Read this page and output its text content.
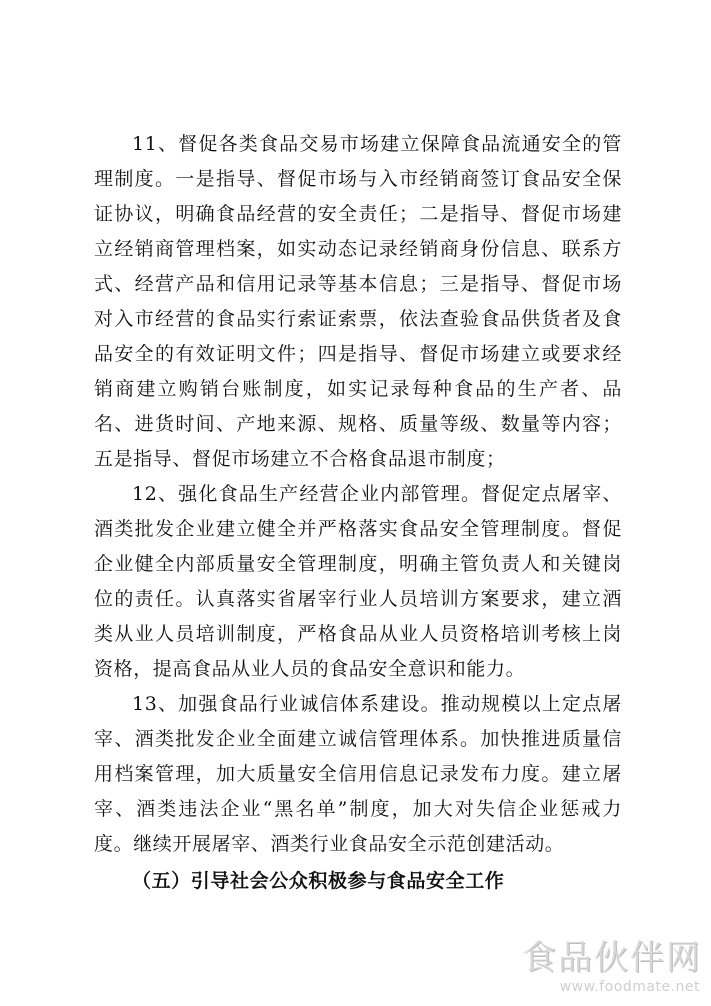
11、督促各类食品交易市场建立保障食品流通安全的管理制度。一是指导、督促市场与入市经销商签订食品安全保证协议，明确食品经营的安全责任；二是指导、督促市场建立经销商管理档案，如实动态记录经销商身份信息、联系方式、经营产品和信用记录等基本信息；三是指导、督促市场对入市经营的食品实行索证索票，依法查验食品供货者及食品安全的有效证明文件；四是指导、督促市场建立或要求经销商建立购销台账制度，如实记录每种食品的生产者、品名、进货时间、产地来源、规格、质量等级、数量等内容；五是指导、督促市场建立不合格食品退市制度；

12、强化食品生产经营企业内部管理。督促定点屠宰、酒类批发企业建立健全并严格落实食品安全管理制度。督促企业健全内部质量安全管理制度，明确主管负责人和关键岗位的责任。认真落实省屠宰行业人员培训方案要求，建立酒类从业人员培训制度，严格食品从业人员资格培训考核上岗资格，提高食品从业人员的食品安全意识和能力。

13、加强食品行业诚信体系建设。推动规模以上定点屠宰、酒类批发企业全面建立诚信管理体系。加快推进质量信用档案管理，加大质量安全信用信息记录发布力度。建立屠宰、酒类违法企业“黑名单”制度，加大对失信企业惩戒力度。继续开展屠宰、酒类行业食品安全示范创建活动。

（五）引导社会公众积极参与食品安全工作

食品伙伴网
www.foodmate.net
